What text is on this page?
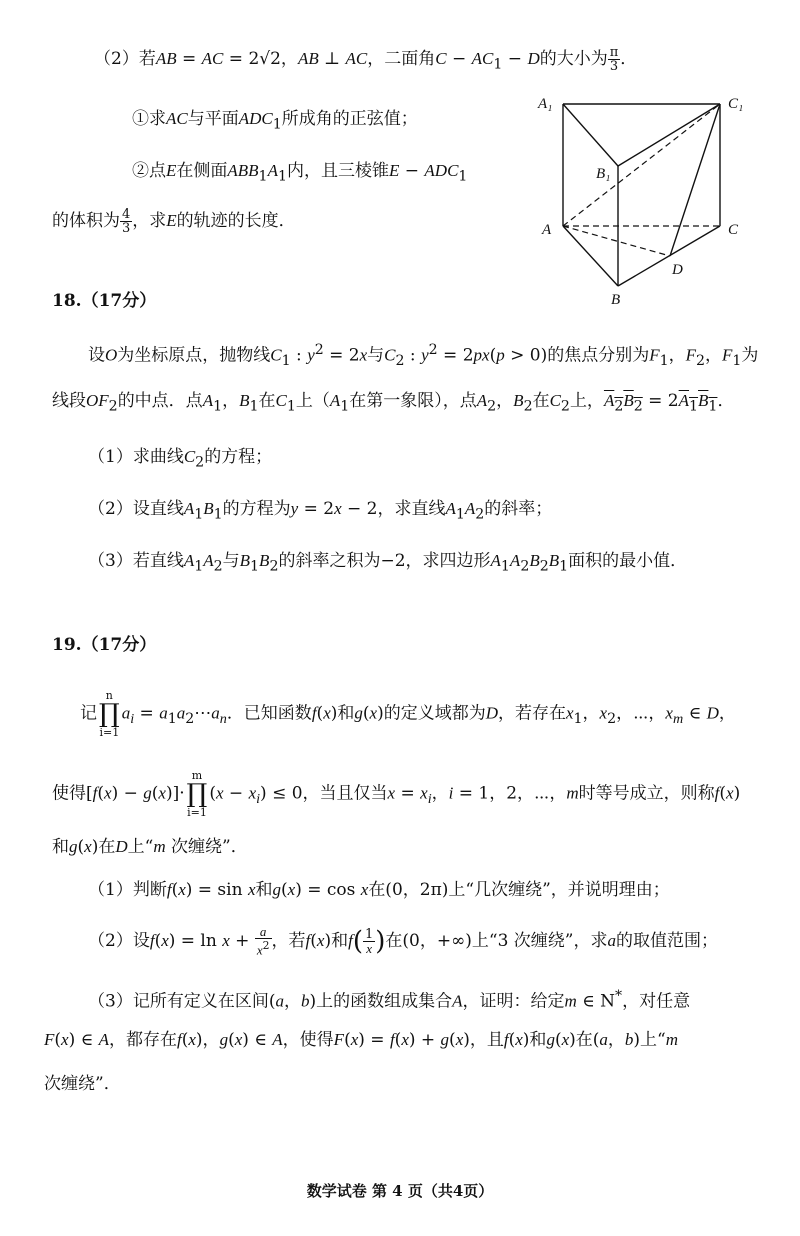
（2）若AB = AC = 2√2，AB ⊥ AC，二面角$C - AC_1 - D$的大小为 $\frac{\pi}{3}$ ．
①求AC与平面$ADC_1$所成角的正弦值；
②点E在侧面$ABB_1A_1$内，且三棱锥$E - ADC_1$
的体积为 $\frac{4}{3}$ ，求E的轨迹的长度．
A₁	C₁
B₁
A	C
D
B
18.（17分）
设O为坐标原点，抛物线$C_1$ : $y^2 = 2x$与$C_2$ : $y^2 = 2px(p > 0)$的焦点分别为$F_1$，$F_2$，$F_1$为
线段$OF_2$的中点．点$A_1$，$B_1$在$C_1$上（$A_1$在第一象限），点$A_2$，$B_2$在$C_2$上，$A_2B_2 = 2A_1B_1$．
（1）求曲线$C_2$的方程；
（2）设直线$A_1B_1$的方程为y = 2x − 2，求直线$A_1A_2$的斜率；
（3）若直线$A_1A_2$与$B_1B_2$的斜率之积为−2，求四边形$A_1A_2B_2B_1$面积的最小值．
19.（17分）
记n
∏
$i=1a_i$ = $a_1a_2\cdots a_n$．已知函数f(x)和g(x)的定义域都为D，若存在$x_1$，$x_2$，⋯，$x_m$ ∈ D，
使得[f(x) − g(x)]·m
∏
$i=1(x - x_i) \le 0$，当且仅当$x = x_i$，i = 1，2，⋯，m时等号成立，则称f(x)
和g(x)在D上“m 次缠绕”．
（1）判断f(x) = sin x和g(x) = cos x在(0，2π)上“几次缠绕”，并说明理由；
（2）设$f(x) = \ln x + \frac{a}{x^2}$ ，若f(x)和$f( \frac{1}{x}$ )在(0，+∞)上“3 次缠绕”，求a的取值范围；
（3）记所有定义在区间(a，b)上的函数组成集合A，证明：给定m ∈ N*，对任意
F(x) ∈ A，都存在f(x)，g(x) ∈ A，使得F(x) = f(x) + g(x)，且f(x)和g(x)在(a，b)上“m
次缠绕”．
数学试卷 第 4 页（共4页）
